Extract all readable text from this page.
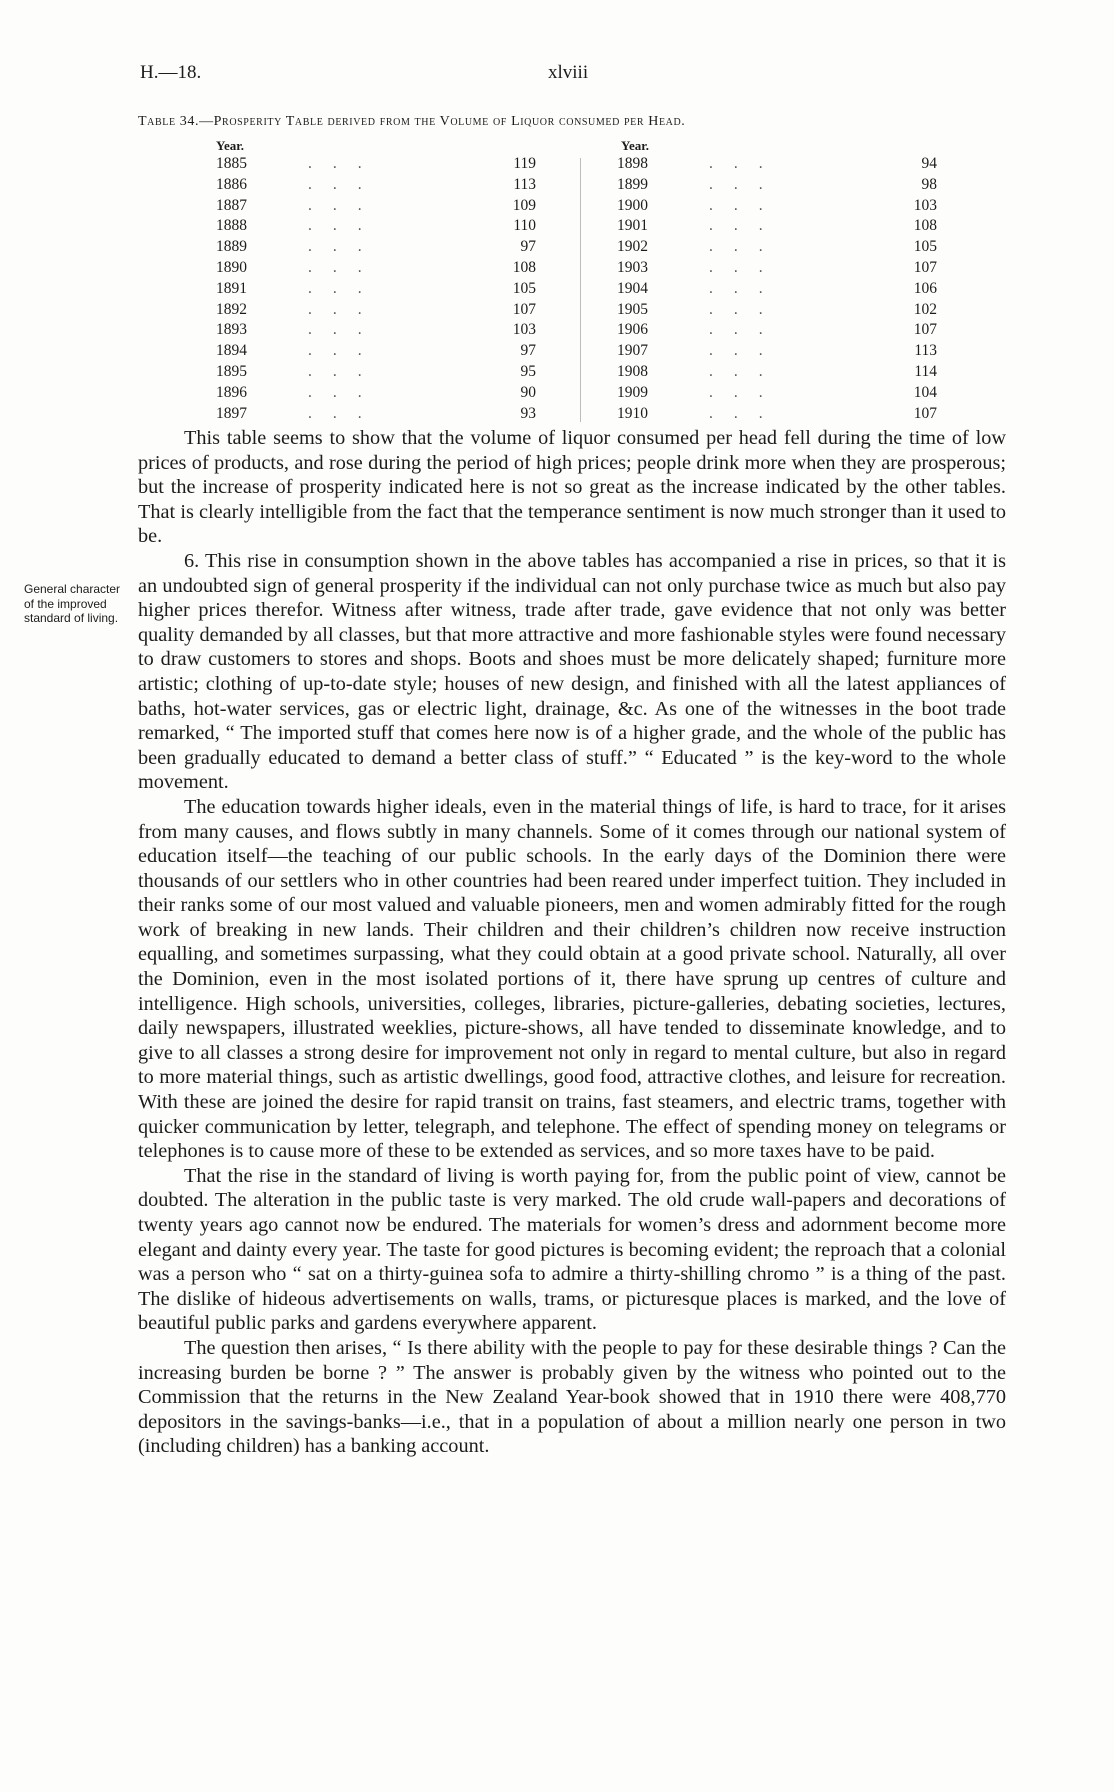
H.—18.	xlviii
Table 34.—Prosperity Table derived from the Volume of Liquor consumed per Head.
Year.
1885	...	119
1886	...	113
1887	...	109
1888	...	110
1889	...	97
1890	...	108
1891	...	105
1892	...	107
1893	...	103
1894	...	97
1895	...	95
1896	...	90
1897	...	93
Year.
1898	...	94
1899	...	98
1900	...	103
1901	...	108
1902	...	105
1903	...	107
1904	...	106
1905	...	102
1906	...	107
1907	...	113
1908	...	114
1909	...	104
1910	...	107
General character of the improved standard of living.

This table seems to show that the volume of liquor consumed per head fell during the time of low prices of products, and rose during the period of high prices; people drink more when they are prosperous; but the increase of prosperity indicated here is not so great as the increase indicated by the other tables. That is clearly intelligible from the fact that the temperance sentiment is now much stronger than it used to be.

6. This rise in consumption shown in the above tables has accompanied a rise in prices, so that it is an undoubted sign of general prosperity if the individual can not only purchase twice as much but also pay higher prices therefor. Witness after witness, trade after trade, gave evidence that not only was better quality demanded by all classes, but that more attractive and more fashionable styles were found necessary to draw customers to stores and shops. Boots and shoes must be more delicately shaped; furniture more artistic; clothing of up-to-date style; houses of new design, and finished with all the latest appliances of baths, hot-water services, gas or electric light, drainage, &c. As one of the witnesses in the boot trade remarked, “ The imported stuff that comes here now is of a higher grade, and the whole of the public has been gradually educated to demand a better class of stuff.” “ Educated ” is the key-word to the whole movement.

The education towards higher ideals, even in the material things of life, is hard to trace, for it arises from many causes, and flows subtly in many channels. Some of it comes through our national system of education itself—the teaching of our public schools. In the early days of the Dominion there were thousands of our settlers who in other countries had been reared under imperfect tuition. They included in their ranks some of our most valued and valuable pioneers, men and women admirably fitted for the rough work of breaking in new lands. Their children and their children’s children now receive instruction equalling, and sometimes surpassing, what they could obtain at a good private school. Naturally, all over the Dominion, even in the most isolated portions of it, there have sprung up centres of culture and intelligence. High schools, universities, colleges, libraries, picture-galleries, debating societies, lectures, daily newspapers, illustrated weeklies, picture-shows, all have tended to disseminate knowledge, and to give to all classes a strong desire for improvement not only in regard to mental culture, but also in regard to more material things, such as artistic dwellings, good food, attractive clothes, and leisure for recreation. With these are joined the desire for rapid transit on trains, fast steamers, and electric trams, together with quicker communication by letter, telegraph, and telephone. The effect of spending money on telegrams or telephones is to cause more of these to be extended as services, and so more taxes have to be paid.

That the rise in the standard of living is worth paying for, from the public point of view, cannot be doubted. The alteration in the public taste is very marked. The old crude wall-papers and decorations of twenty years ago cannot now be endured. The materials for women’s dress and adornment become more elegant and dainty every year. The taste for good pictures is becoming evident; the reproach that a colonial was a person who “ sat on a thirty-guinea sofa to admire a thirty-shilling chromo ” is a thing of the past. The dislike of hideous advertisements on walls, trams, or picturesque places is marked, and the love of beautiful public parks and gardens everywhere apparent.

The question then arises, “ Is there ability with the people to pay for these desirable things ? Can the increasing burden be borne ? ” The answer is probably given by the witness who pointed out to the Commission that the returns in the New Zealand Year-book showed that in 1910 there were 408,770 depositors in the savings-banks—i.e., that in a population of about a million nearly one person in two (including children) has a banking account.
